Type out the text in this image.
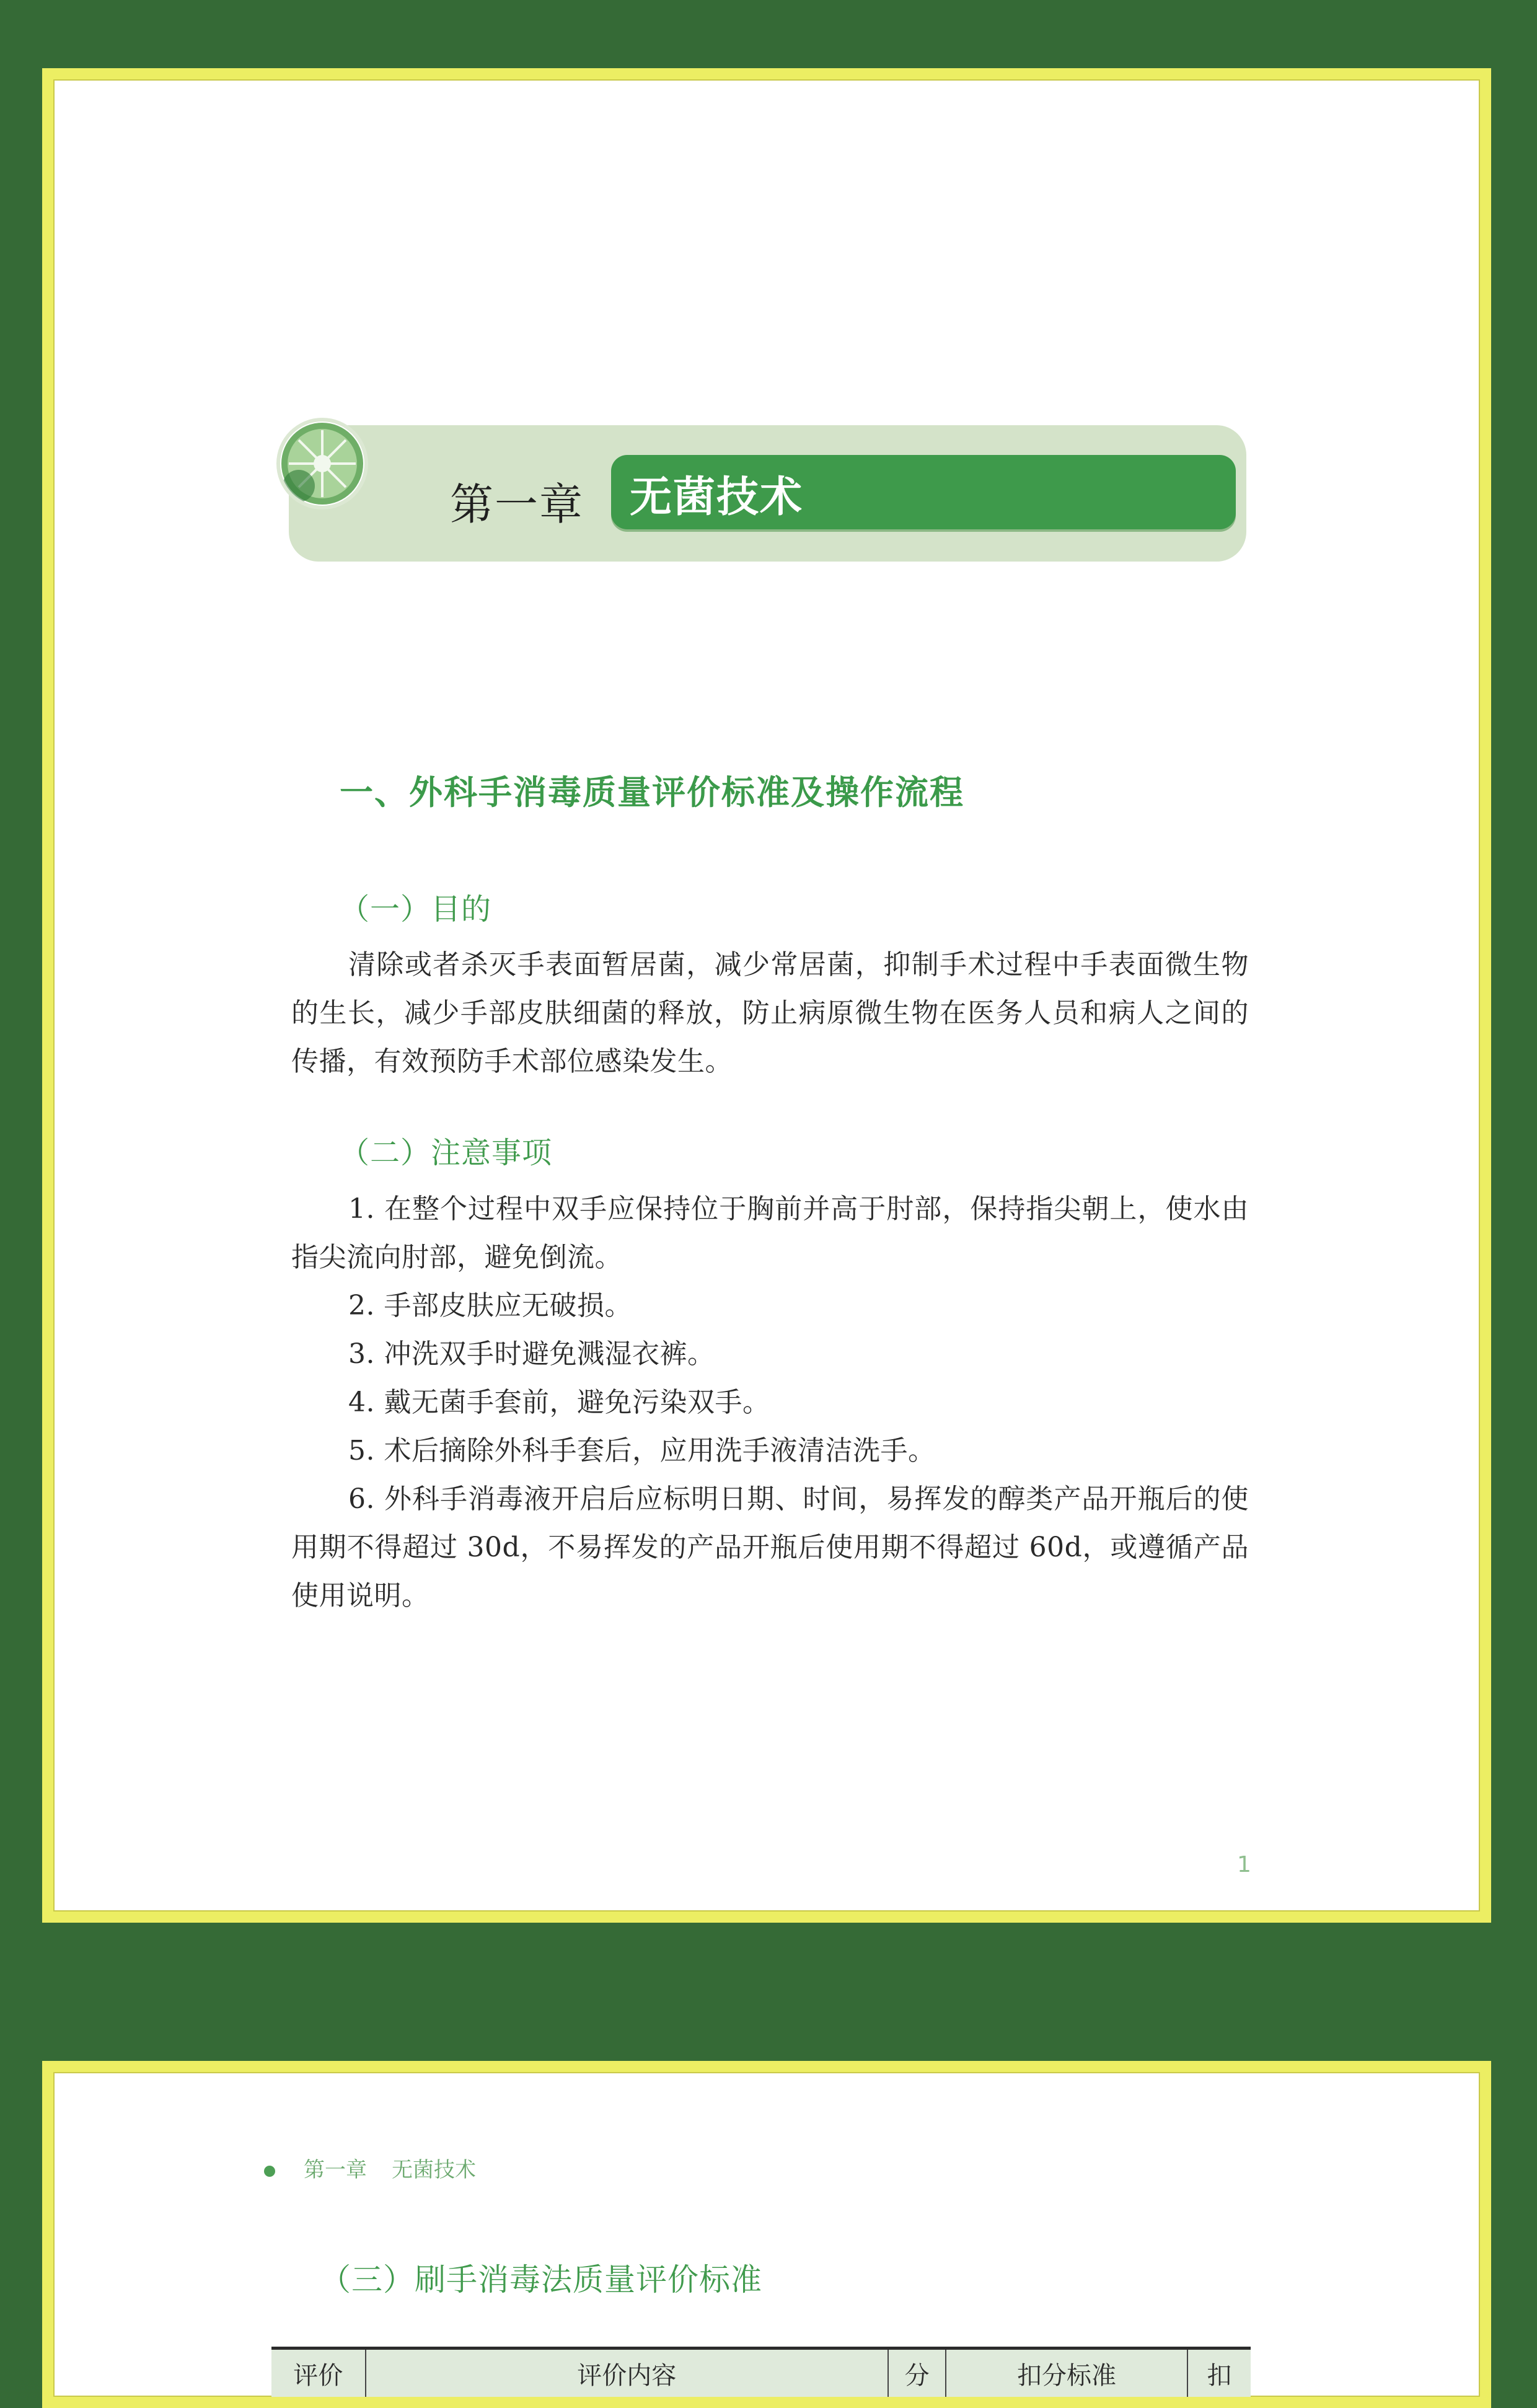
第一章 无菌技术
一、外科手消毒质量评价标准及操作流程
（一）目的
清除或者杀灭手表面暂居菌，减少常居菌，抑制手术过程中手表面微生物的生长，减少手部皮肤细菌的释放，防止病原微生物在医务人员和病人之间的传播，有效预防手术部位感染发生。
（二）注意事项
1. 在整个过程中双手应保持位于胸前并高于肘部，保持指尖朝上，使水由指尖流向肘部，避免倒流。
2. 手部皮肤应无破损。
3. 冲洗双手时避免溅湿衣裤。
4. 戴无菌手套前，避免污染双手。
5. 术后摘除外科手套后，应用洗手液清洁洗手。
6. 外科手消毒液开启后应标明日期、时间，易挥发的醇类产品开瓶后的使用期不得超过 30d，不易挥发的产品开瓶后使用期不得超过 60d，或遵循产品使用说明。
1
第一章 无菌技术
（三）刷手消毒法质量评价标准
评价	评价内容	分	扣分标准	扣
